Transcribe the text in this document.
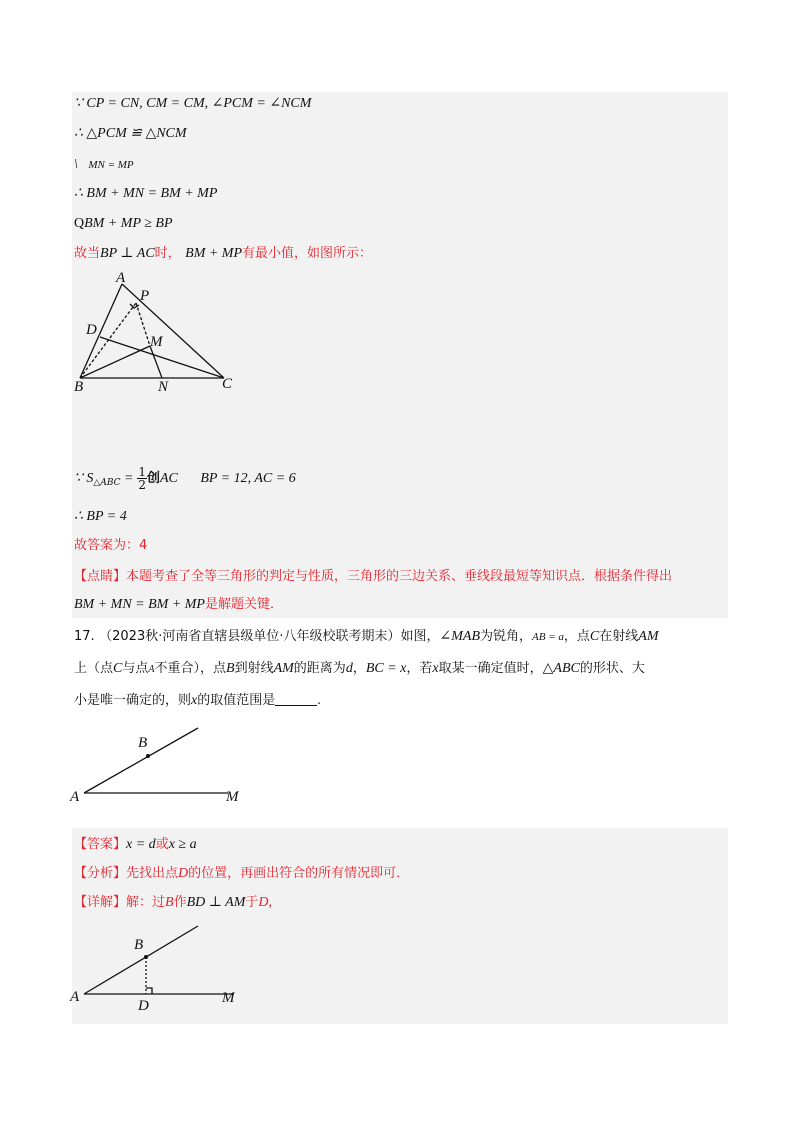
∵ CP = CN, CM = CM, ∠PCM = ∠NCM
∴ △PCM ≌ △NCM
\ MN = MP
∴ BM + MN = BM + MP
QBM + MP ≥ BP
故当BP ⊥ AC时， BM + MP有最小值，如图所示：
A
P
D
M
B	N	C
∵ $S_{\triangle ABC} = \frac{1}{2}$ 创AC BP = 12, AC = 6
∴ BP = 4
故答案为：4
【点睛】本题考查了全等三角形的判定与性质，三角形的三边关系、垂线段最短等知识点．根据条件得出
BM + MN = BM + MP是解题关键．
17. （2023秋·河南省直辖县级单位·八年级校联考期末）如图，∠MAB为锐角，AB = a，点C在射线AM
上（点C与点A不重合），点B到射线AM的距离为d，BC = x，若x取某一确定值时，△ABC的形状、大
小是唯一确定的，则x的取值范围是	.
A
B
M
【答案】x = d或x ≥ a
【分析】先找出点D的位置，再画出符合的所有情况即可．
【详解】解：过B作BD ⊥ AM于D,
A
B
D	M
